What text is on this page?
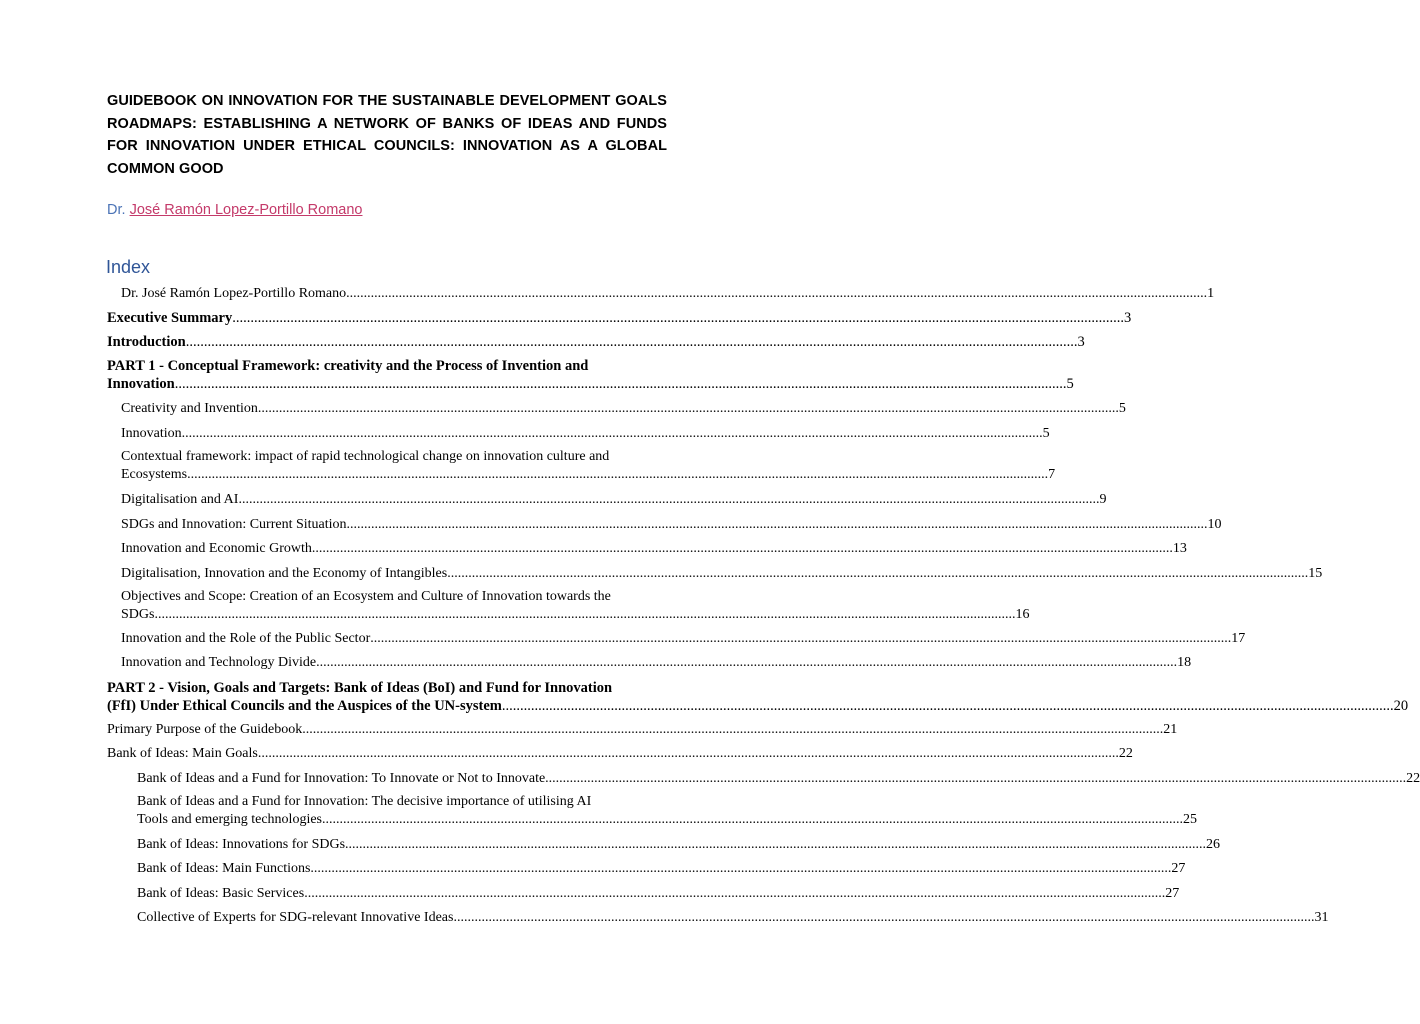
GUIDEBOOK ON INNOVATION FOR THE SUSTAINABLE DEVELOPMENT GOALS ROADMAPS: ESTABLISHING A NETWORK OF BANKS OF IDEAS AND FUNDS FOR INNOVATION UNDER ETHICAL COUNCILS: INNOVATION AS A GLOBAL COMMON GOOD
Dr. José Ramón Lopez-Portillo Romano
Index
Dr. José Ramón Lopez-Portillo Romano .....	1
Executive Summary .....	3
Introduction .....	3
PART 1 - Conceptual Framework: creativity and the Process of Invention and
Innovation .....	5
Creativity and Invention .....	5
Innovation .....	5
Contextual framework: impact of rapid technological change on innovation culture and
Ecosystems .....	7
Digitalisation and AI .....	9
SDGs and Innovation: Current Situation .....	10
Innovation and Economic Growth .....	13
Digitalisation, Innovation and the Economy of Intangibles .....	15
Objectives and Scope: Creation of an Ecosystem and Culture of Innovation towards the
SDGs .....	16
Innovation and the Role of the Public Sector .....	17
Innovation and Technology Divide .....	18
PART 2 - Vision, Goals and Targets: Bank of Ideas (BoI) and Fund for Innovation
(FfI) Under Ethical Councils and the Auspices of the UN-system .....	20
Primary Purpose of the Guidebook .....	21
Bank of Ideas: Main Goals .....	22
Bank of Ideas and a Fund for Innovation: To Innovate or Not to Innovate .....	22
Bank of Ideas and a Fund for Innovation: The decisive importance of utilising AI
Tools and emerging technologies .....	25
Bank of Ideas: Innovations for SDGs .....	26
Bank of Ideas: Main Functions .....	27
Bank of Ideas: Basic Services .....	27
Collective of Experts for SDG-relevant Innovative Ideas .....	31
